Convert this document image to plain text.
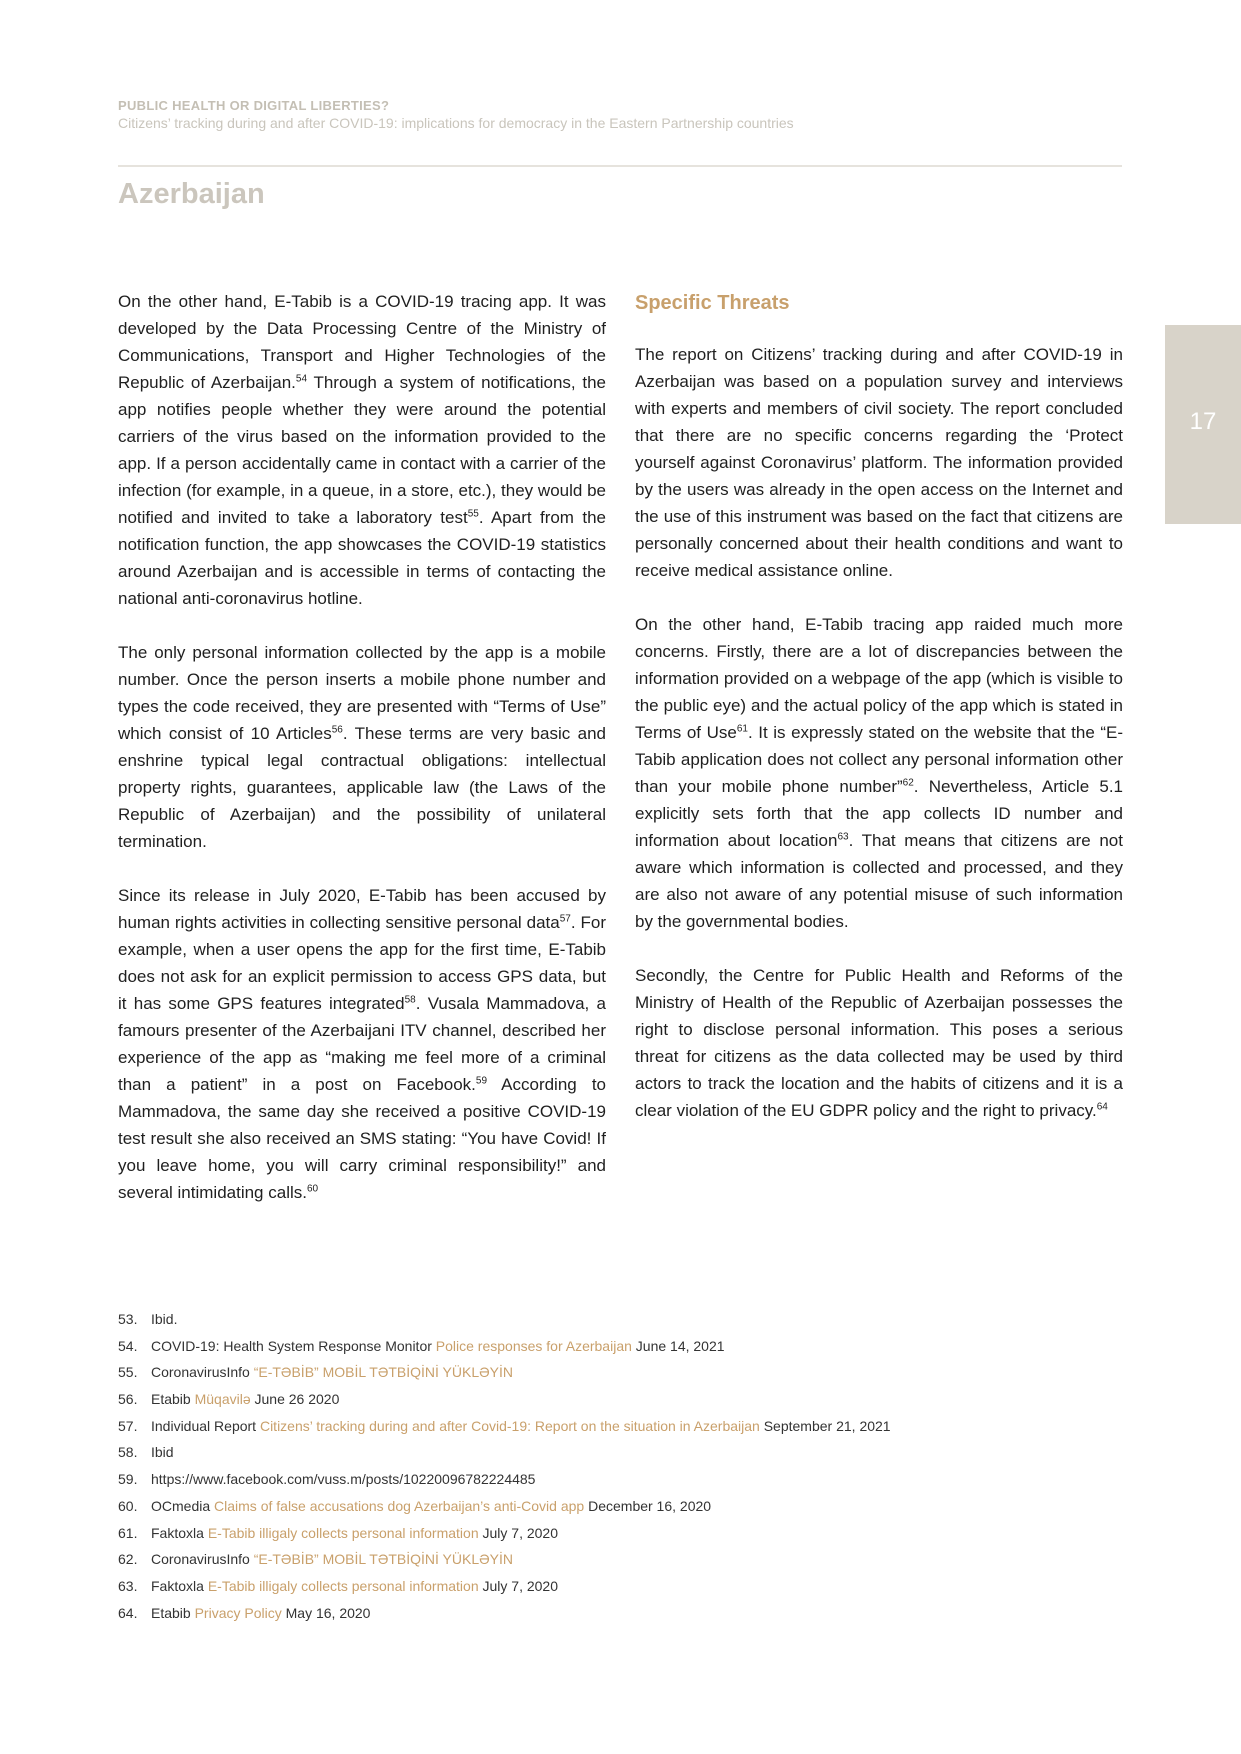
PUBLIC HEALTH OR DIGITAL LIBERTIES?
Citizens’ tracking during and after COVID-19: implications for democracy in the Eastern Partnership countries
Azerbaijan
17

On the other hand, E-Tabib is a COVID-19 tracing app. It was developed by the Data Processing Centre of the Ministry of Communications, Transport and Higher Technologies of the Republic of Azerbaijan.$^{54}$ Through a system of notifications, the app notifies people whether they were around the potential carriers of the virus based on the information provided to the app. If a person accidentally came in contact with a carrier of the infection (for example, in a queue, in a store, etc.), they would be notified and invited to take a laboratory test$^{55}$. Apart from the notification function, the app showcases the COVID-19 statistics around Azerbaijan and is accessible in terms of contacting the national anti-coronavirus hotline.

The only personal information collected by the app is a mobile number. Once the person inserts a mobile phone number and types the code received, they are presented with “Terms of Use” which consist of 10 Articles$^{56}$. These terms are very basic and enshrine typical legal contractual obligations: intellectual property rights, guarantees, applicable law (the Laws of the Republic of Azerbaijan) and the possibility of unilateral termination.

Since its release in July 2020, E-Tabib has been accused by human rights activities in collecting sensitive personal data$^{57}$. For example, when a user opens the app for the first time, E-Tabib does not ask for an explicit permission to access GPS data, but it has some GPS features integrated$^{58}$. Vusala Mammadova, a famours presenter of the Azerbaijani ITV channel, described her experience of the app as “making me feel more of a criminal than a patient” in a post on Facebook.$^{59}$ According to Mammadova, the same day she received a positive COVID-19 test result she also received an SMS stating: “You have Covid! If you leave home, you will carry criminal responsibility!” and several intimidating calls.$^{60}$

Specific Threats

The report on Citizens’ tracking during and after COVID-19 in Azerbaijan was based on a population survey and interviews with experts and members of civil society. The report concluded that there are no specific concerns regarding the ‘Protect yourself against Coronavirus’ platform. The information provided by the users was already in the open access on the Internet and the use of this instrument was based on the fact that citizens are personally concerned about their health conditions and want to receive medical assistance online.

On the other hand, E-Tabib tracing app raided much more concerns. Firstly, there are a lot of discrepancies between the information provided on a webpage of the app (which is visible to the public eye) and the actual policy of the app which is stated in Terms of Use$^{61}$. It is expressly stated on the website that the “E-Tabib application does not collect any personal information other than your mobile phone number”$^{62}$. Nevertheless, Article 5.1 explicitly sets forth that the app collects ID number and information about location$^{63}$. That means that citizens are not aware which information is collected and processed, and they are also not aware of any potential misuse of such information by the governmental bodies.

Secondly, the Centre for Public Health and Reforms of the Ministry of Health of the Republic of Azerbaijan possesses the right to disclose personal information. This poses a serious threat for citizens as the data collected may be used by third actors to track the location and the habits of citizens and it is a clear violation of the EU GDPR policy and the right to privacy.$^{64}$

53. Ibid.
54. COVID-19: Health System Response Monitor Police responses for Azerbaijan June 14, 2021
55. CoronavirusInfo “E-TƏBİB” MOBİL TƏTBİQİNİ YÜKLƏYİN
56. Etabib Müqavilə June 26 2020
57. Individual Report Citizens’ tracking during and after Covid-19: Report on the situation in Azerbaijan September 21, 2021
58. Ibid
59. https://www.facebook.com/vuss.m/posts/10220096782224485
60. OCmedia Claims of false accusations dog Azerbaijan’s anti-Covid app December 16, 2020
61. Faktoxla E-Tabib illigaly collects personal information July 7, 2020
62. CoronavirusInfo “E-TƏBİB” MOBİL TƏTBİQİNİ YÜKLƏYİN
63. Faktoxla E-Tabib illigaly collects personal information July 7, 2020
64. Etabib Privacy Policy May 16, 2020
